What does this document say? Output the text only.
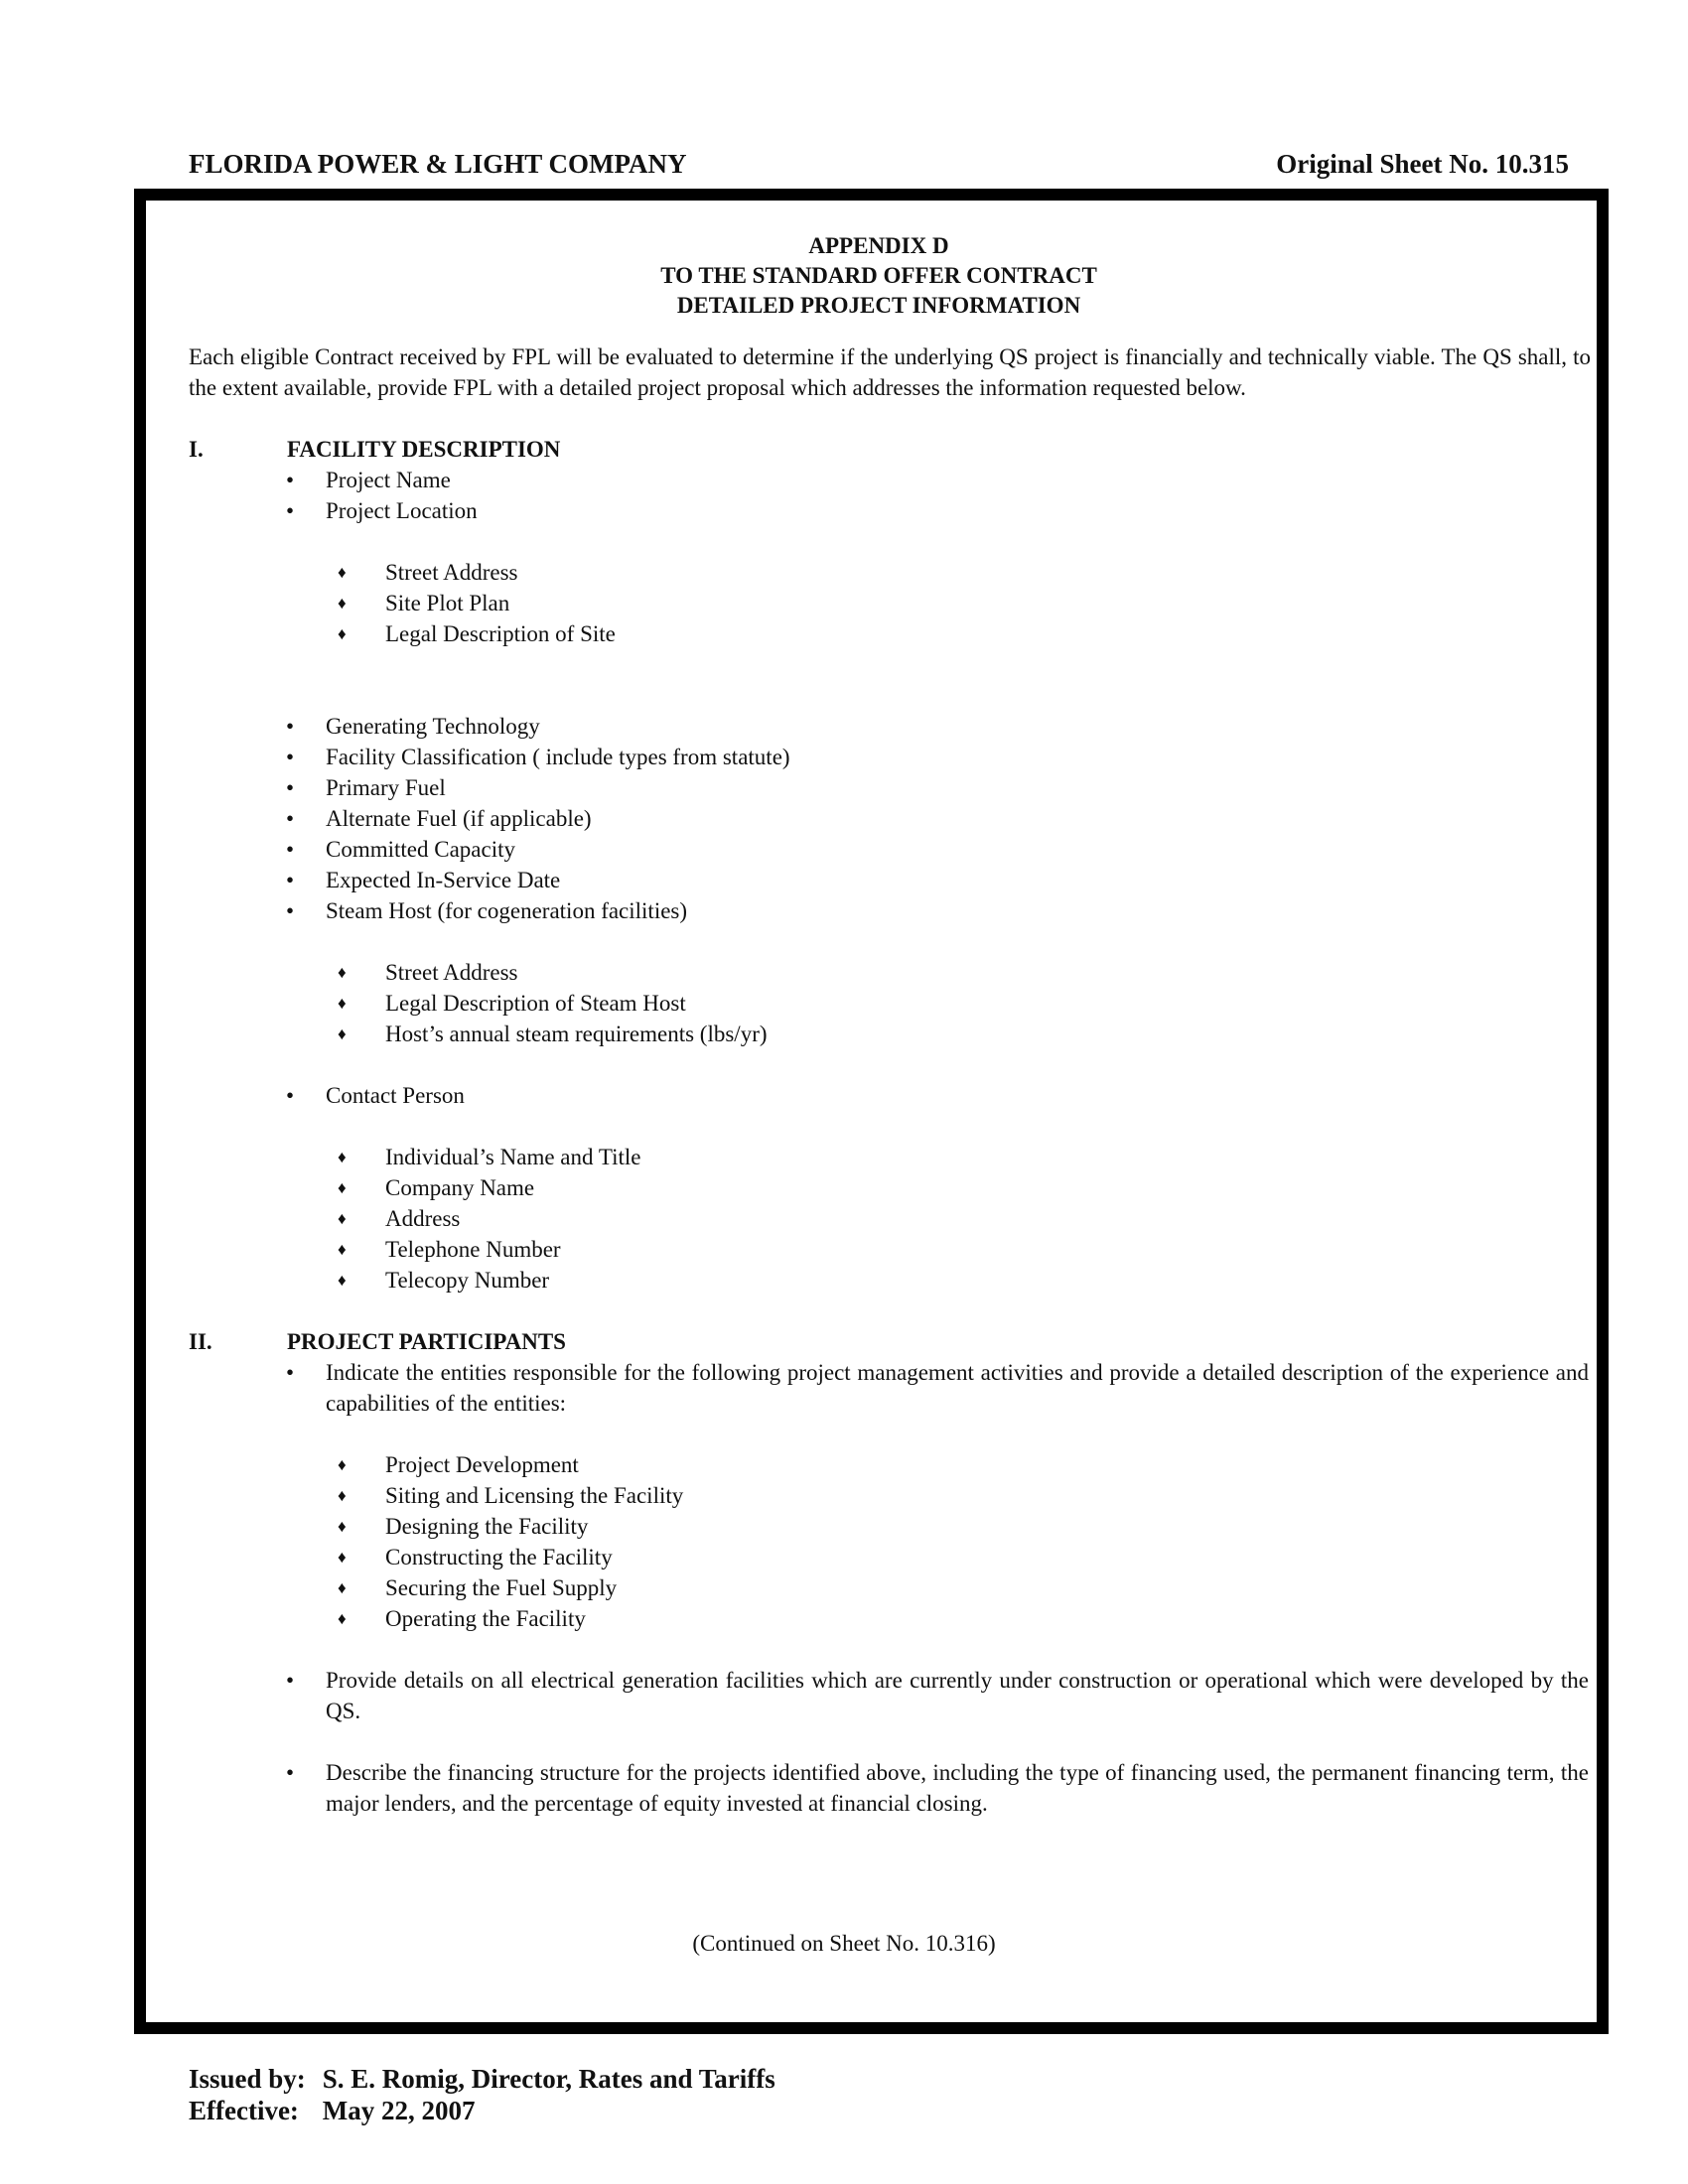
FLORIDA POWER & LIGHT COMPANY	Original Sheet No. 10.315
APPENDIX D
TO THE STANDARD OFFER CONTRACT
DETAILED PROJECT INFORMATION
Each eligible Contract received by FPL will be evaluated to determine if the underlying QS project is financially and technically viable. The QS shall, to the extent available, provide FPL with a detailed project proposal which addresses the information requested below.
I.	FACILITY DESCRIPTION
• Project Name
• Project Location
♦ Street Address
♦ Site Plot Plan
♦ Legal Description of Site
• Generating Technology
• Facility Classification ( include types from statute)
• Primary Fuel
• Alternate Fuel (if applicable)
• Committed Capacity
• Expected In-Service Date
• Steam Host (for cogeneration facilities)
♦ Street Address
♦ Legal Description of Steam Host
♦ Host’s annual steam requirements (lbs/yr)
• Contact Person
♦ Individual’s Name and Title
♦ Company Name
♦ Address
♦ Telephone Number
♦ Telecopy Number
II.	PROJECT PARTICIPANTS
• Indicate the entities responsible for the following project management activities and provide a detailed description of the experience and capabilities of the entities:
♦ Project Development
♦ Siting and Licensing the Facility
♦ Designing the Facility
♦ Constructing the Facility
♦ Securing the Fuel Supply
♦ Operating the Facility
• Provide details on all electrical generation facilities which are currently under construction or operational which were developed by the QS.
• Describe the financing structure for the projects identified above, including the type of financing used, the permanent financing term, the major lenders, and the percentage of equity invested at financial closing.
(Continued on Sheet No. 10.316)
Issued by: S. E. Romig, Director, Rates and Tariffs
Effective: May 22, 2007
